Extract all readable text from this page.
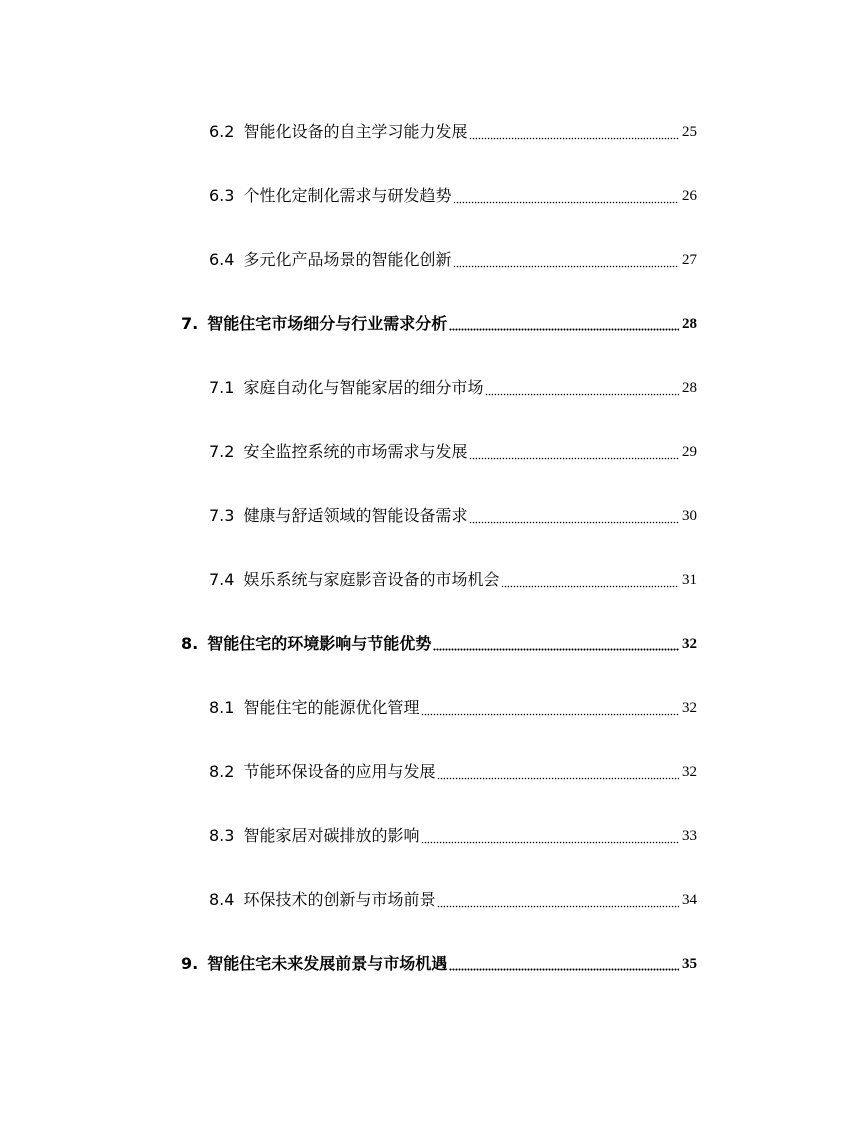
6.2 智能化设备的自主学习能力发展	25
6.3 个性化定制化需求与研发趋势	26
6.4 多元化产品场景的智能化创新	27
7. 智能住宅市场细分与行业需求分析	28
7.1 家庭自动化与智能家居的细分市场	28
7.2 安全监控系统的市场需求与发展	29
7.3 健康与舒适领域的智能设备需求	30
7.4 娱乐系统与家庭影音设备的市场机会	31
8. 智能住宅的环境影响与节能优势	32
8.1 智能住宅的能源优化管理	32
8.2 节能环保设备的应用与发展	32
8.3 智能家居对碳排放的影响	33
8.4 环保技术的创新与市场前景	34
9. 智能住宅未来发展前景与市场机遇	35
